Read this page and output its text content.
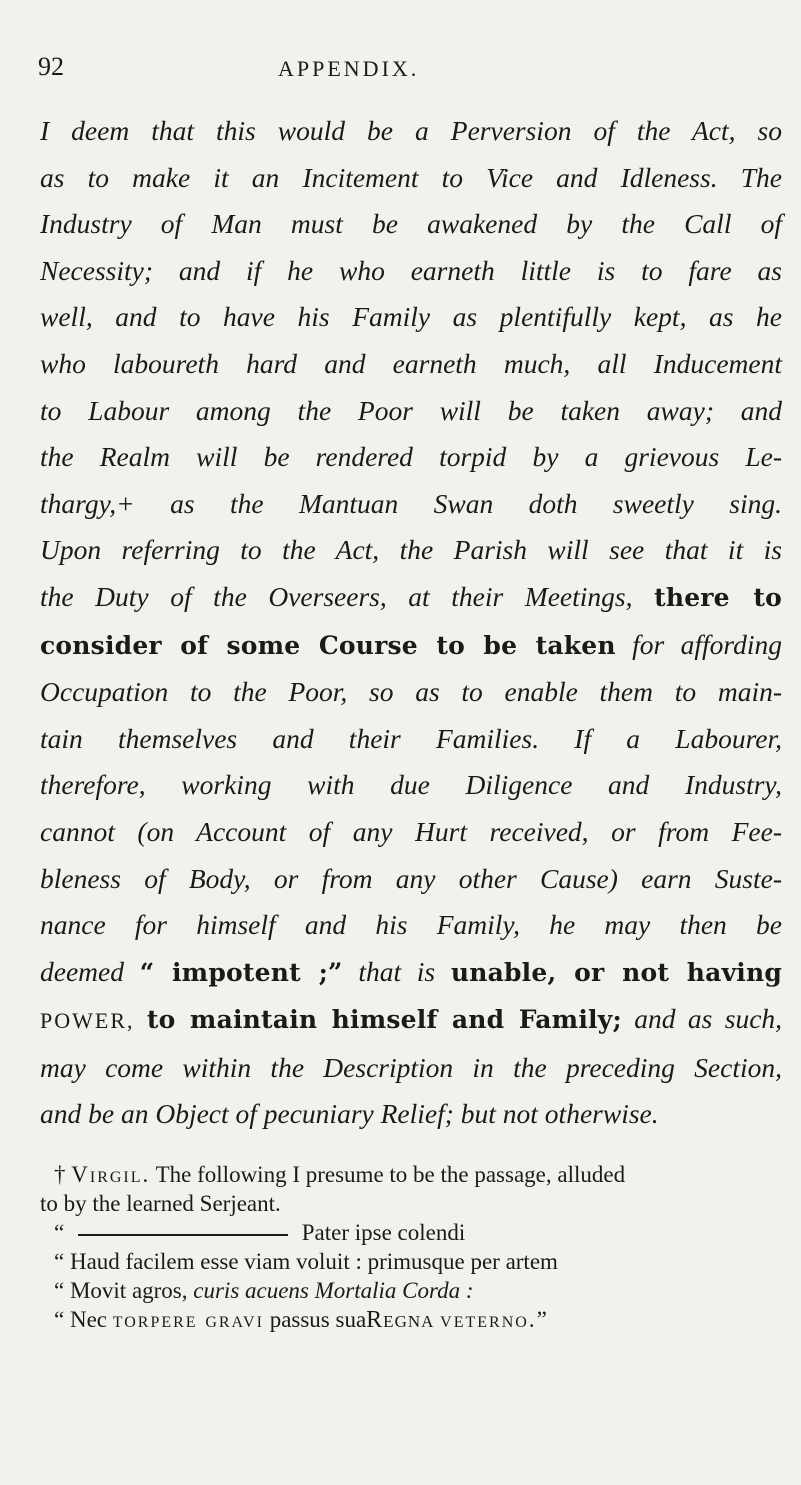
92	APPENDIX.
I deem that this would be a Perversion of the Act, so
as to make it an Incitement to Vice and Idleness. The
Industry of Man must be awakened by the Call of
Necessity; and if he who earneth little is to fare as
well, and to have his Family as plentifully kept, as he
who laboureth hard and earneth much, all Inducement
to Labour among the Poor will be taken away; and
the Realm will be rendered torpid by a grievous Le-
thargy,+ as the Mantuan Swan doth sweetly sing.
Upon referring to the Act, the Parish will see that it is
the Duty of the Overseers, at their Meetings, there to
consider of some Course to be taken for affording
Occupation to the Poor, so as to enable them to main-
tain themselves and their Families. If a Labourer,
therefore, working with due Diligence and Industry,
cannot (on Account of any Hurt received, or from Fee-
bleness of Body, or from any other Cause) earn Suste-
nance for himself and his Family, he may then be
deemed “ impotent ;” that is unable, or not having
POWER, to maintain himself and Family; and as such,
may come within the Description in the preceding Section,
and be an Object of pecuniary Relief; but not otherwise.
† Virgil. The following I presume to be the passage, alluded
to by the learned Serjeant.
“	Pater ipse colendi
“ Haud facilem esse viam voluit : primusque per artem
“ Movit agros, curis acuens Mortalia Corda :
“ Nec torpere gravi passus suaRegna veterno.”
